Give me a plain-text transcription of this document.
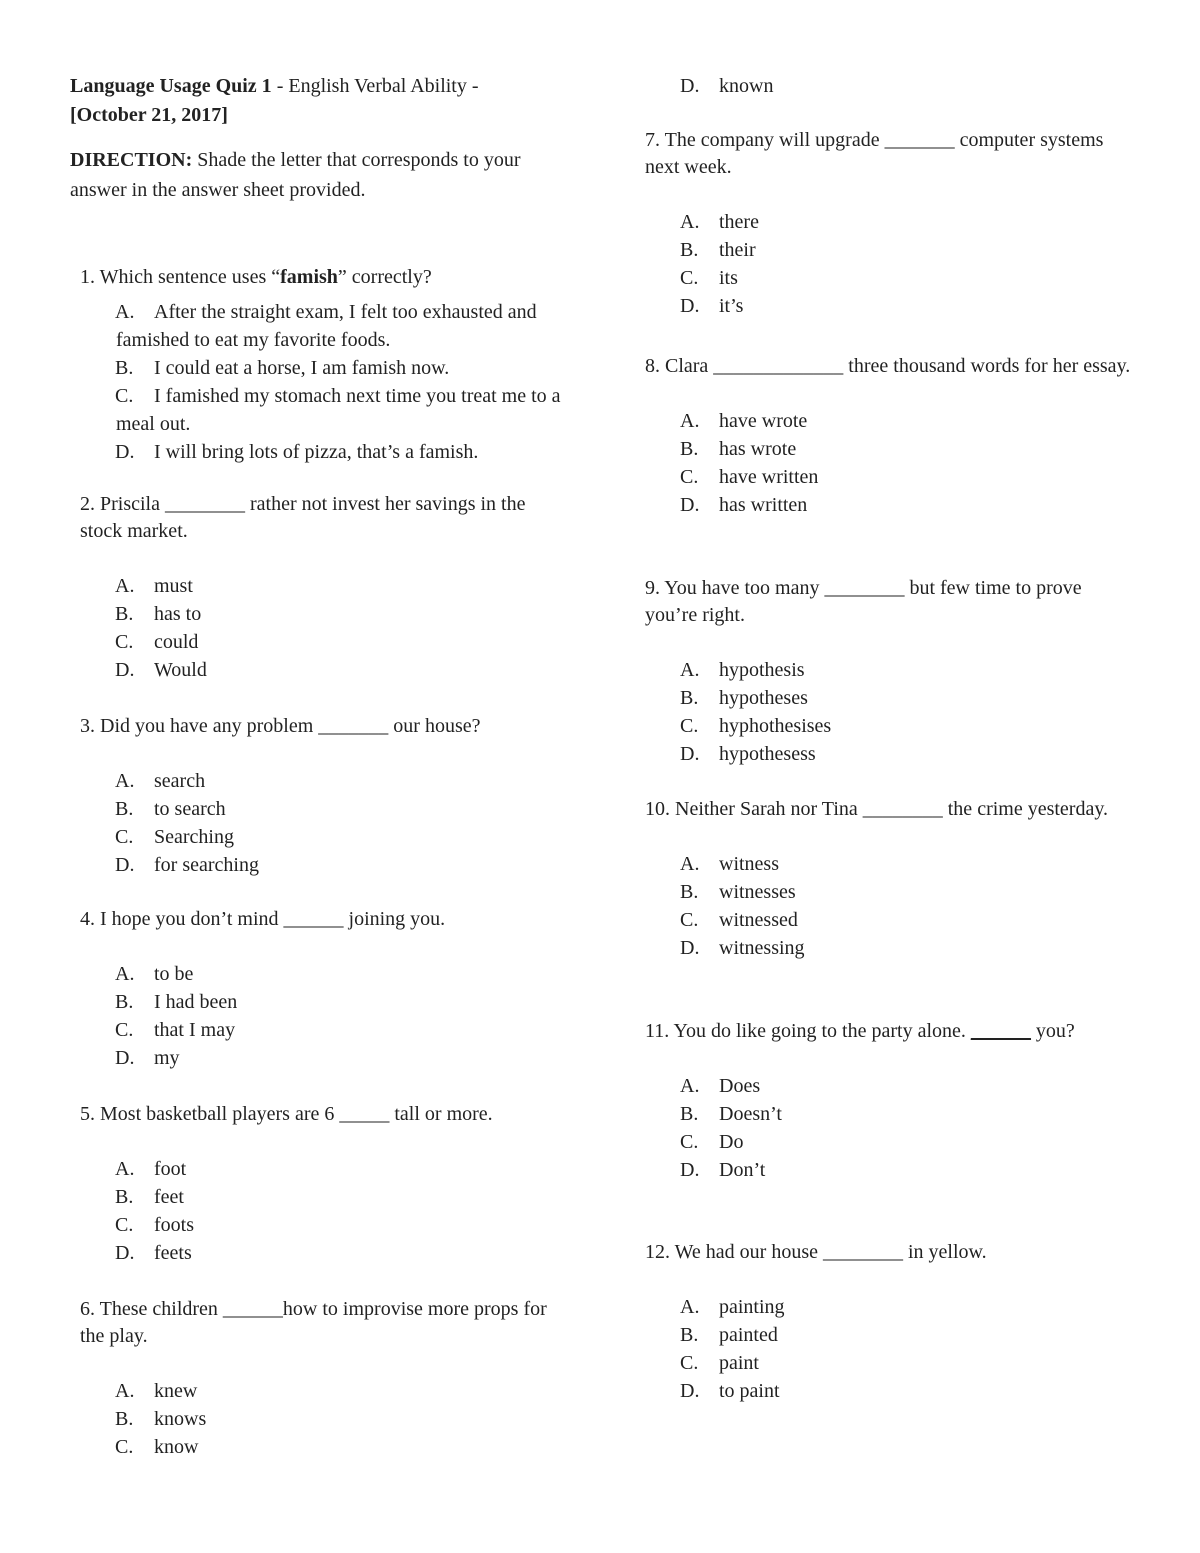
Language Usage Quiz 1 - English Verbal Ability -
[October 21, 2017]
DIRECTION: Shade the letter that corresponds to your answer in the answer sheet provided.

1. Which sentence uses “famish” correctly?

A. After the straight exam, I felt too exhausted and famished to eat my favorite foods.
B. I could eat a horse, I am famish now.
C. I famished my stomach next time you treat me to a meal out.
D. I will bring lots of pizza, that’s a famish.

2. Priscila ________ rather not invest her savings in the stock market.

A. must
B. has to
C. could
D. Would

3. Did you have any problem _______ our house?

A. search
B. to search
C. Searching
D. for searching

4. I hope you don’t mind ______ joining you.

A. to be
B. I had been
C. that I may
D. my

5. Most basketball players are 6 _____ tall or more.

A. foot
B. feet
C. foots
D. feets

6. These children ______how to improvise more props for the play.

A. knew
B. knows
C. know
D. known

7. The company will upgrade _______ computer systems next week.

A. there
B. their
C. its
D. it’s

8. Clara _____________ three thousand words for her essay.

A. have wrote
B. has wrote
C. have written
D. has written

9. You have too many ________ but few time to prove you’re right.

A. hypothesis
B. hypotheses
C. hyphothesises
D. hypothesess

10. Neither Sarah nor Tina ________ the crime yesterday.

A. witness
B. witnesses
C. witnessed
D. witnessing

11. You do like going to the party alone. ______ you?

A. Does
B. Doesn’t
C. Do
D. Don’t

12. We had our house ________ in yellow.

A. painting
B. painted
C. paint
D. to paint
